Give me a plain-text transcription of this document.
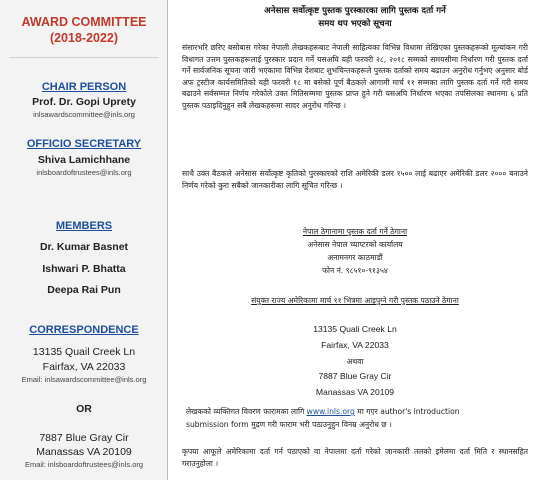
AWARD COMMITTEE
(2018-2022)
CHAIR PERSON
Prof. Dr. Gopi Uprety
inlsawardscommittee@inls.org
OFFICIO SECRETARY
Shiva Lamichhane
inlsboardoftrustees@inls.org
MEMBERS
Dr. Kumar Basnet
Ishwari P. Bhatta
Deepa Rai Pun
CORRESPONDENCE
13135 Quail Creek Ln
Fairfax, VA 22033
Email: inlsawardscommittee@inls.org
OR
7887 Blue Gray Cir
Manassas VA 20109
Email: inlsboardoftrustees@inls.org
अनेसास सर्वोत्कृष्ट पुस्तक पुरस्कारका लागि पुस्तक दर्ता गर्ने
समय थप भएको सूचना
संसारभरि छरिए बसोबास गरेका नेपाली लेखकहरूबाट नेपाली साहित्यका विभिन्न विधामा लेखिएका पुस्तकहरूको मूल्यांकन गरी विधागत उत्तम पुस्तकहरूलाई पुरस्कार प्रदान गर्ने यसअघि यही फरवरी २८, २०१८ सम्मको समयसीमा निर्धारण गरी पुस्तक दर्ता गर्ने सार्वजनिक सूचना जारी भएकामा विभिन्न देशबाट शुभचिन्तकहरूले पुस्तक दर्ताको समय बढाउन अनुरोध गर्नुभए अनुसार बोर्ड अफ ट्रस्टीज कार्यसमितिको यही फरवरी १८ मा बसेको पूर्ण बैठकले आगामी मार्च ११ सम्मका लागि पुस्तक दर्ता गर्ने गरी समय बढाउने सर्वसम्मत निर्णय गरेकोले उक्त मितिसम्ममा पुस्तक प्राप्त हुने गरी यसअघि निर्धारण भएका तपसिलका स्थानमा ६ प्रति पुस्तक पठाइदिनुहुन सबै लेखकहरूमा सादर अनुरोध गरिन्छ ।
साथै उक्त बैठकले अनेसास सर्वोत्कृष्ट कृतिको पुरस्कारको राशि अमेरिकी डलर १५०० लाई बढाएर अमेरिकी डलर २००० बनाउने निर्णय गरेको कुरा सबैको जानकारीका लागि सूचित गरिन्छ ।
नेपाल ठेगानामा पुस्तक दर्ता गर्ने ठेगाना
अनेसास नेपाल च्याप्टरको कार्यालय
अनामनगर काठमाडौं
फोन नं. ९८५१०-९१३५४
संयुक्त राज्य अमेरिकामा मार्च ११ भित्रमा आइपुग्ने गरी पुस्तक पठाउने ठेगाना
13135 Quali Creek Ln
Fairfax, VA 22033
अथवा
7887 Blue Gray Cir
Manassas VA 20109
लेखकको व्यक्तिगत विवरण फारामका लागि www.inls.org मा गएर author's introduction
submission form मुद्रण गरी फाराम भरी पठाउनुहुन विनम्र अनुरोध छ ।
कृपया आफूले अमेरिकामा दर्ता गर्न पठाएको वा नेपालमा दर्ता गरेको जानकारी तलको इमेलमा दर्ता मिति र स्थानसहित गराउनुहोला ।
